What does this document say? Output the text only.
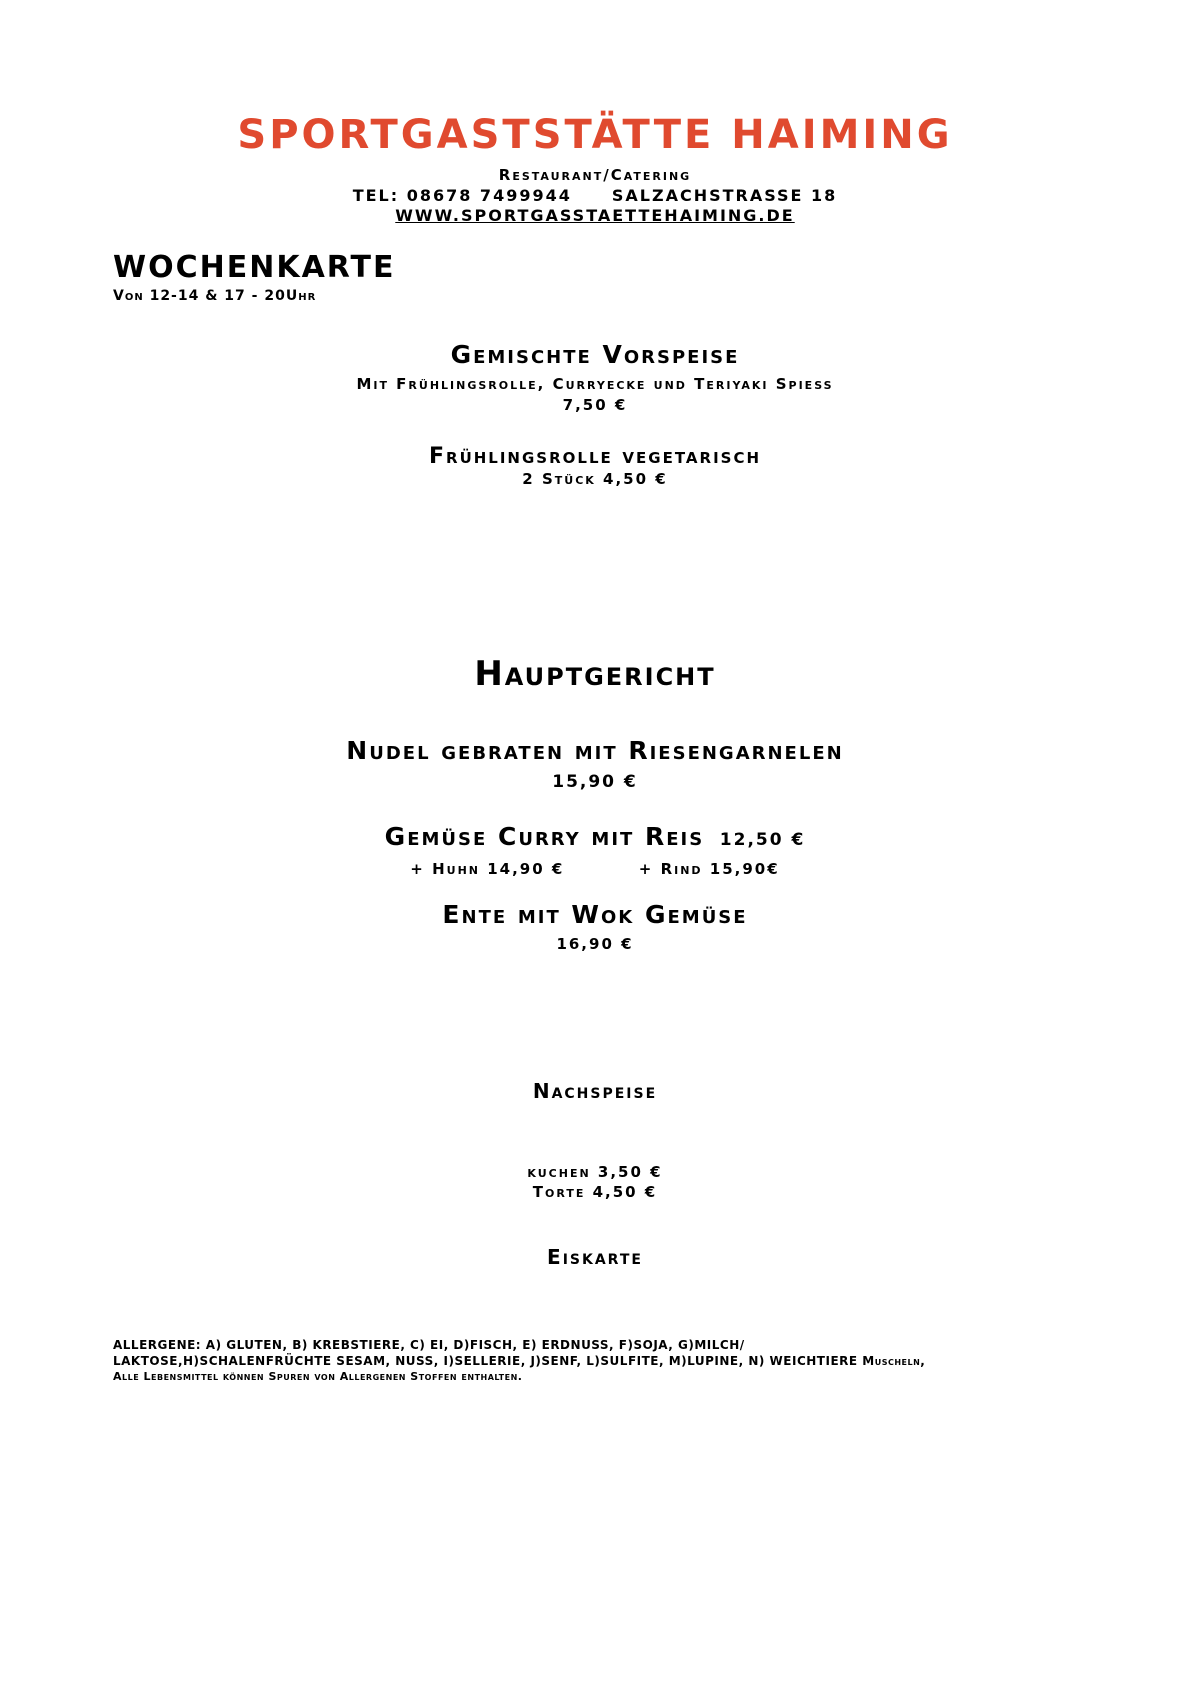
SPORTGASTSTÄTTE HAIMING
Restaurant/Catering
TEL: 08678 7499944	SALZACHSTRASSE 18
WWW.SPORTGASSTAETTEHAIMING.DE
WOCHENKARTE
Von 12-14 & 17 - 20Uhr
Gemischte Vorspeise
Mit Frühlingsrolle, Curryecke und Teriyaki Spiess
7,50 €
Frühlingsrolle vegetarisch
2 Stück 4,50 €
Hauptgericht
Nudel gebraten mit Riesengarnelen
15,90 €
Gemüse Curry mit Reis 12,50 €
+ Huhn 14,90 €	+ Rind 15,90€
Ente mit Wok Gemüse
16,90 €
Nachspeise
kuchen 3,50 €
Torte 4,50 €
Eiskarte
ALLERGENE: A) GLUTEN, B) KREBSTIERE, C) EI, D)FISCH, E) ERDNUSS, F)SOJA, G)MILCH/
LAKTOSE,H)SCHALENFRÜCHTE SESAM, NUSS, I)SELLERIE, J)SENF, L)SULFITE, M)LUPINE, N) WEICHTIERE Muscheln,
Alle Lebensmittel können Spuren von Allergenen Stoffen enthalten.
